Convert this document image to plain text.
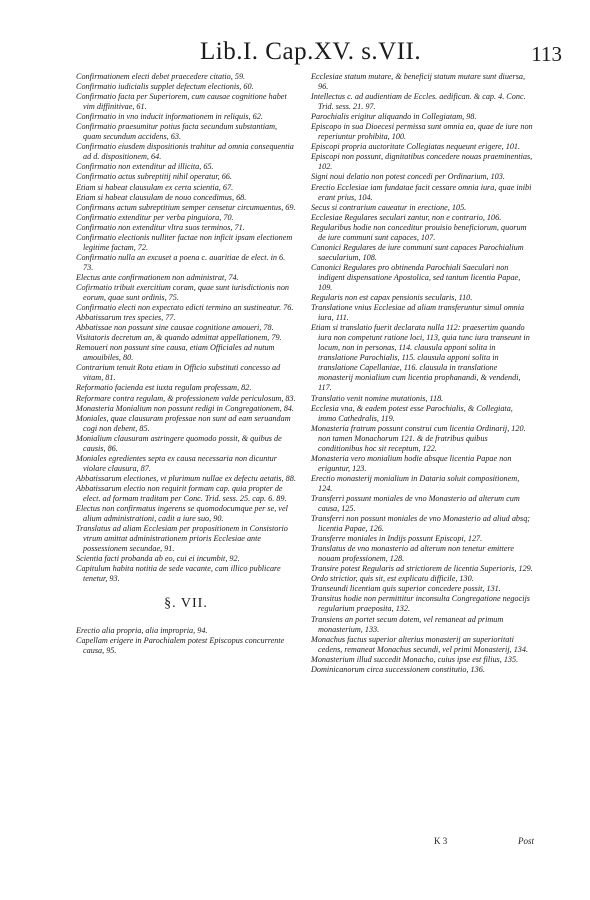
Lib.I. Cap.XV. s.VII.	113

Confirmationem electi debet praecedere citatio, 59.

Confirmatio iudicialis supplet defectum electionis, 60.

Confirmatio facta per Superiorem, cum causae cognitione habet vim diffinitivae, 61.

Confirmatio in vno inducit informationem in reliquis, 62.

Confirmatio praesumitur potius facta secundum substantiam, quam secundum accidens, 63.

Confirmatio eiusdem dispositionis trahitur ad omnia consequentia ad d. dispositionem, 64.

Confirmatio non extenditur ad illicita, 65.

Confirmatio actus subreptitij nihil operatur, 66.

Etiam si habeat clausulam ex certa scientia, 67.

Etiam si habeat clausulam de nouo concedimus, 68.

Confirmans actum subreptitium semper censetur circumuentus, 69.

Confirmatio extenditur per verba pinguiora, 70.

Confirmatio non extenditur vltra suos terminos, 71.

Confirmatio electionis nulliter factae non inficit ipsam electionem legitime factam, 72.

Confirmatio nulla an excuset a poena c. auaritiae de elect. in 6. 73.

Electus ante confirmationem non administrat, 74.

Cofirmatio tribuit exercitium coram, quae sunt iurisdictionis non eorum, quae sunt ordinis, 75.

Confirmatio electi non expectato edicti termino an sustineatur. 76.

Abbatissarum tres species, 77.

Abbatissae non possunt sine causae cognitione amoueri, 78.

Visitatoris decretum an, & quando admittat appellationem, 79.

Remoueri non possunt sine causa, etiam Officiales ad nutum amouibiles, 80.

Contrarium tenuit Rota etiam in Officio substituti concesso ad vitam, 81.

Reformatio facienda est iuxta regulam professam, 82.

Reformare contra regulam, & professionem valde periculosum, 83.

Monasteria Monialium non possunt redigi in Congregationem, 84.

Moniales, quae clausuram professae non sunt ad eam seruandam cogi non debent, 85.

Monialium clausuram astringere quomodo possit, & quibus de causis, 86.

Moniales egredientes septa ex causa necessaria non dicuntur violare clausura, 87.

Abbatissarum electiones, vt plurimum nullae ex defectu aetatis, 88.

Abbatissarum electio non requirit formam cap. quia propter de elect. ad formam traditam per Conc. Trid. sess. 25. cap. 6. 89.

Electus non confirmatus ingerens se quomodocumque per se, vel alium administrationi, cadit a iure suo, 90.

Translatus ad aliam Ecclesiam per propositionem in Consistorio vtrum amittat administrationem prioris Ecclesiae ante possessionem secundae, 91.

Scientia facti probanda ab eo, cui ei incumbit, 92.

Capitulum habita notitia de sede vacante, cam illico publicare tenetur, 93.

§. VII.

Erectio alia propria, alia impropria, 94.

Capellam erigere in Parochialem potest Episcopus concurrente causa, 95.

Ecclesiae statum mutare, & beneficij statum mutare sunt diuersa, 96.

Intellectus c. ad audientiam de Eccles. aedifican. & cap. 4. Conc. Trid. sess. 21. 97.

Parochialis erigitur aliquando in Collegiatam, 98.

Episcopo in sua Dioecesi permissa sunt omnia ea, quae de iure non reperiuntur prohibita, 100.

Episcopi propria auctoritate Collegiatas nequeunt erigere, 101.

Episcopi non possunt, dignitatibus concedere nouas praeminentias, 102.

Signi noui delatio non potest concedi per Ordinarium, 103.

Erectio Ecclesiae iam fundatae facit cessare omnia iura, quae inibi erant prius, 104.

Secus si contrarium caueatur in erectione, 105.

Ecclesiae Regulares seculari zantur, non e contrario, 106.

Regularibus hodie non conceditur prouisio beneficiorum, quorum de iure communi sunt capaces, 107.

Canonici Regulares de iure communi sunt capaces Parochialium saecularium, 108.

Canonici Regulares pro obtinenda Parochiali Saeculari non indigent dispensatione Apostolica, sed tantum licentia Papae, 109.

Regularis non est capax pensionis secularis, 110.

Translatione vnius Ecclesiae ad aliam transferuntur simul omnia iura, 111.

Etiam si translatio fuerit declarata nulla 112: praesertim quando iura non competunt ratione loci, 113, quia tunc iura transeunt in locum, non in personas, 114. clausula apponi solita in translatione Parochialis, 115. clausula apponi solita in translatione Capellaniae, 116. clausula in translatione monasterij monialium cum licentia prophanandi, & vendendi, 117.

Translatio venit nomine mutationis, 118.

Ecclesia vna, & eadem potest esse Parochialis, & Collegiata, immo Cathedralis, 119.

Monasteria fratrum possunt construi cum licentia Ordinarij, 120. non tamen Monachorum 121. & de fratribus quibus conditionibus hoc sit receptum, 122.

Monasteria vero monialium hodie absque licentia Papae non eriguntur, 123.

Erectio monasterij monialium in Dataria soluit compositionem, 124.

Transferri possunt moniales de vno Monasterio ad alterum cum causa, 125.

Transferri non possunt moniales de vno Monasterio ad aliud absq; licentia Papae, 126.

Transferre moniales in Indijs possunt Episcopi, 127.

Translatus de vno monasterio ad alterum non tenetur emittere nouam professionem, 128.

Transire potest Regularis ad strictiorem de licentia Superioris, 129.

Ordo strictior, quis sit, est explicatu difficile, 130.

Transeundi licentiam quis superior concedere possit, 131.

Transitus hodie non permittitur inconsulta Congregatione negocijs regularium praeposita, 132.

Transiens an portet secum dotem, vel remaneat ad primum monasterium, 133.

Monachus factus superior alterius monasterij an superioritati cedens, remaneat Monachus secundi, vel primi Monasterij, 134.

Monasterium illud succedit Monacho, cuius ipse est filius, 135.

Dominicanorum circa successionem constitutio, 136.

K 3	Post
